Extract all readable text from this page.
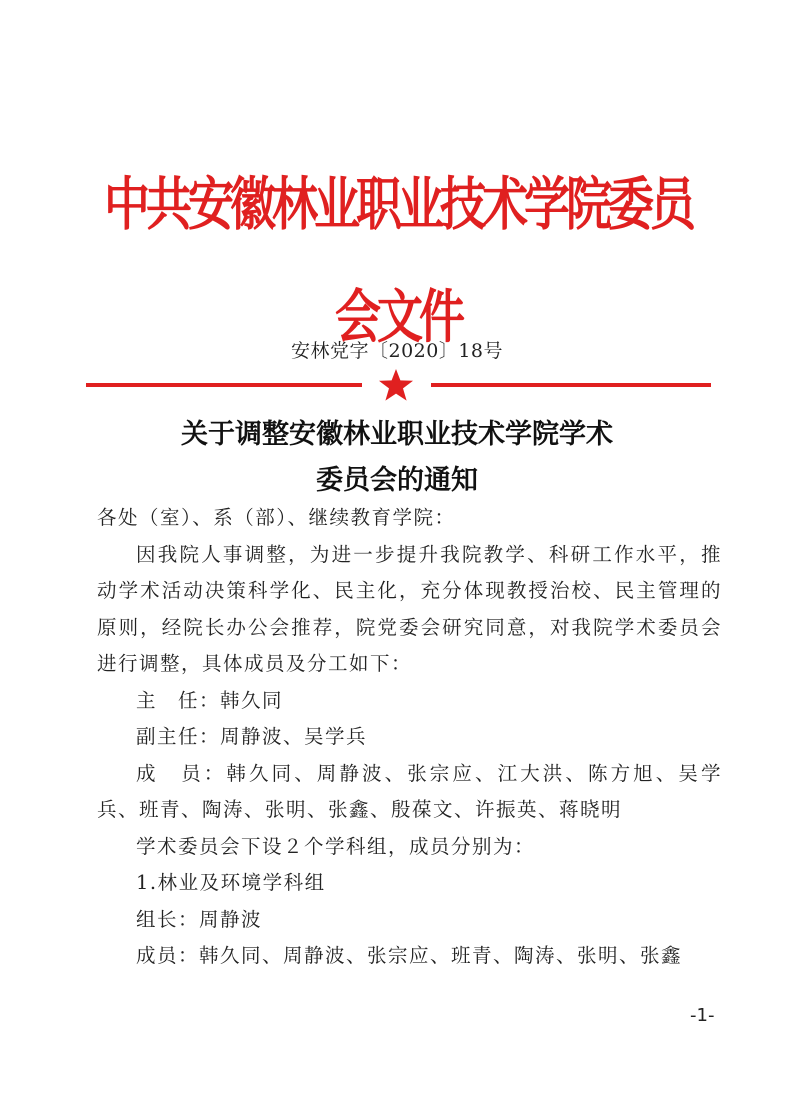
中共安徽林业职业技术学院委员会文件
安林党字〔2020〕18号
关于调整安徽林业职业技术学院学术
委员会的通知

各处（室）、系（部）、继续教育学院：

因我院人事调整，为进一步提升我院教学、科研工作水平，推动学术活动决策科学化、民主化，充分体现教授治校、民主管理的原则，经院长办公会推荐，院党委会研究同意，对我院学术委员会进行调整，具体成员及分工如下：

主　任：韩久同

副主任：周静波、吴学兵

成　员：韩久同、周静波、张宗应、江大洪、陈方旭、吴学兵、班青、陶涛、张明、张鑫、殷葆文、许振英、蒋晓明

学术委员会下设２个学科组，成员分别为：

1.林业及环境学科组

组长：周静波

成员：韩久同、周静波、张宗应、班青、陶涛、张明、张鑫

-1-
